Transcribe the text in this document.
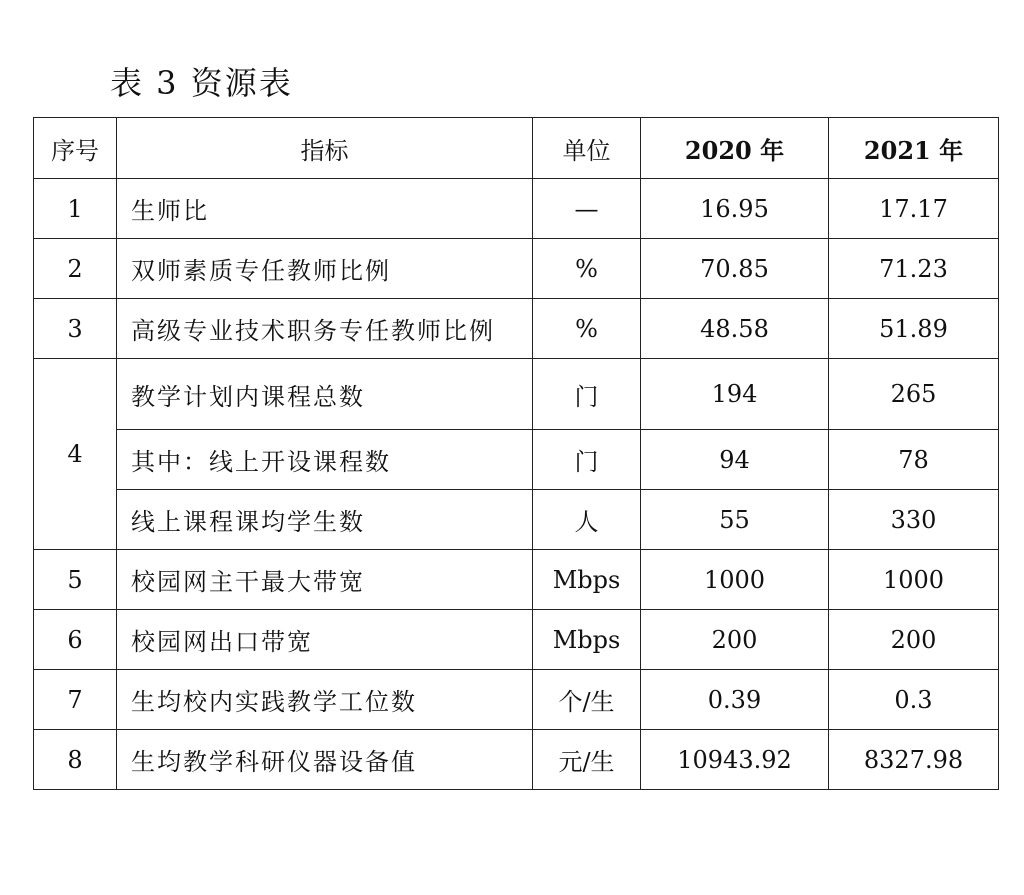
表 3 资源表
序号	指标	单位	2020 年	2021 年
1	生师比	—	16.95	17.17
2	双师素质专任教师比例	%	70.85	71.23
3	高级专业技术职务专任教师比例	%	48.58	51.89
4	教学计划内课程总数	门	194	265
	其中：线上开设课程数	门	94	78
	线上课程课均学生数	人	55	330
5	校园网主干最大带宽	Mbps	1000	1000
6	校园网出口带宽	Mbps	200	200
7	生均校内实践教学工位数	个/生	0.39	0.3
8	生均教学科研仪器设备值	元/生	10943.92	8327.98
